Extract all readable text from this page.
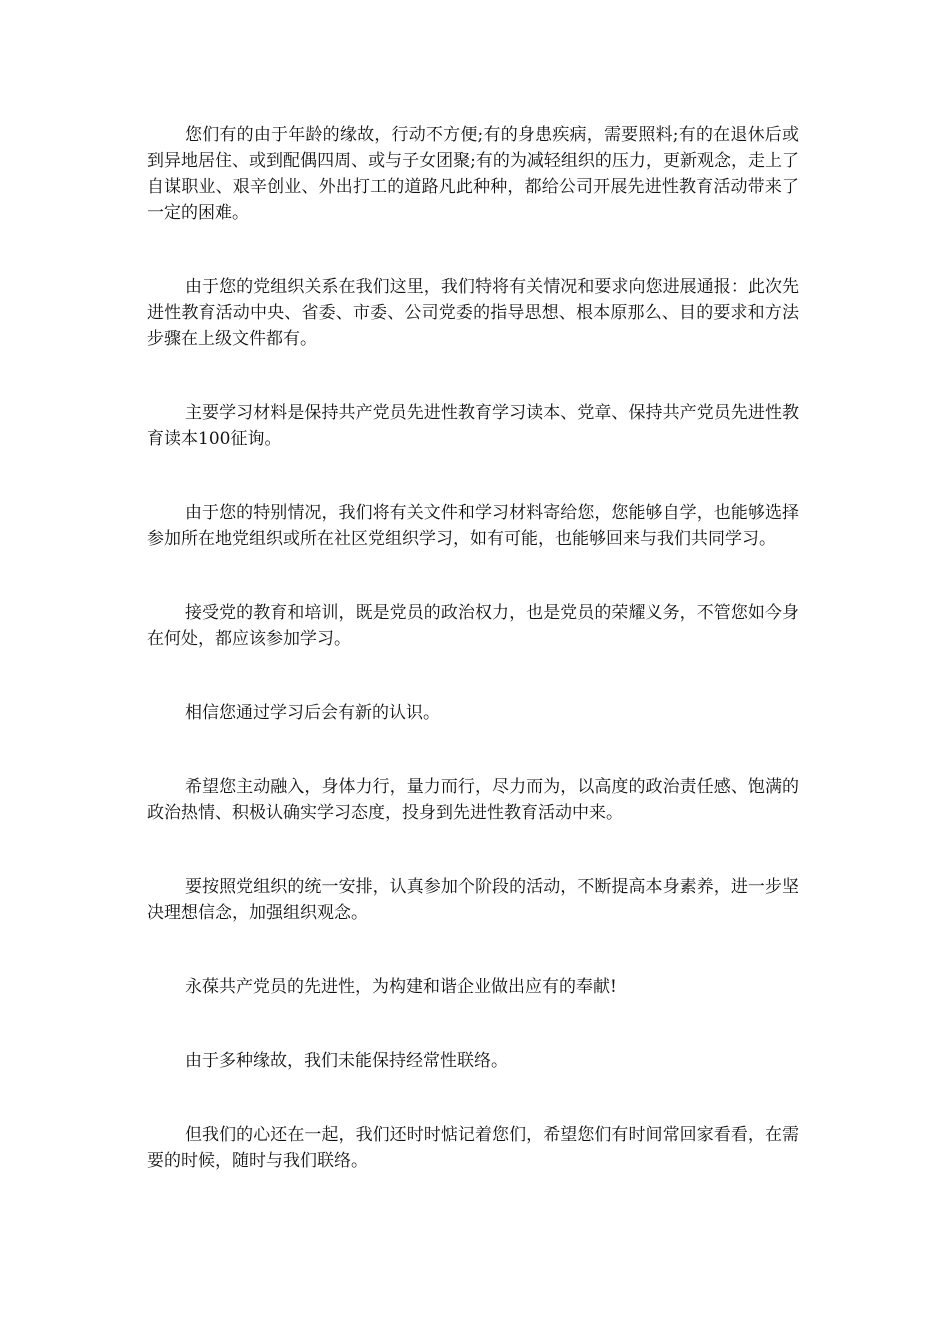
您们有的由于年龄的缘故，行动不方便;有的身患疾病，需要照料;有的在退休后或到异地居住、或到配偶四周、或与子女团聚;有的为减轻组织的压力，更新观念，走上了自谋职业、艰辛创业、外出打工的道路凡此种种，都给公司开展先进性教育活动带来了一定的困难。

由于您的党组织关系在我们这里，我们特将有关情况和要求向您进展通报：此次先进性教育活动中央、省委、市委、公司党委的指导思想、根本原那么、目的要求和方法步骤在上级文件都有。

主要学习材料是保持共产党员先进性教育学习读本、党章、保持共产党员先进性教育读本100征询。

由于您的特别情况，我们将有关文件和学习材料寄给您，您能够自学，也能够选择参加所在地党组织或所在社区党组织学习，如有可能，也能够回来与我们共同学习。

接受党的教育和培训，既是党员的政治权力，也是党员的荣耀义务，不管您如今身在何处，都应该参加学习。

相信您通过学习后会有新的认识。

希望您主动融入，身体力行，量力而行，尽力而为，以高度的政治责任感、饱满的政治热情、积极认确实学习态度，投身到先进性教育活动中来。

要按照党组织的统一安排，认真参加个阶段的活动，不断提高本身素养，进一步坚决理想信念，加强组织观念。

永葆共产党员的先进性，为构建和谐企业做出应有的奉献!

由于多种缘故，我们未能保持经常性联络。

但我们的心还在一起，我们还时时惦记着您们，希望您们有时间常回家看看，在需要的时候，随时与我们联络。
